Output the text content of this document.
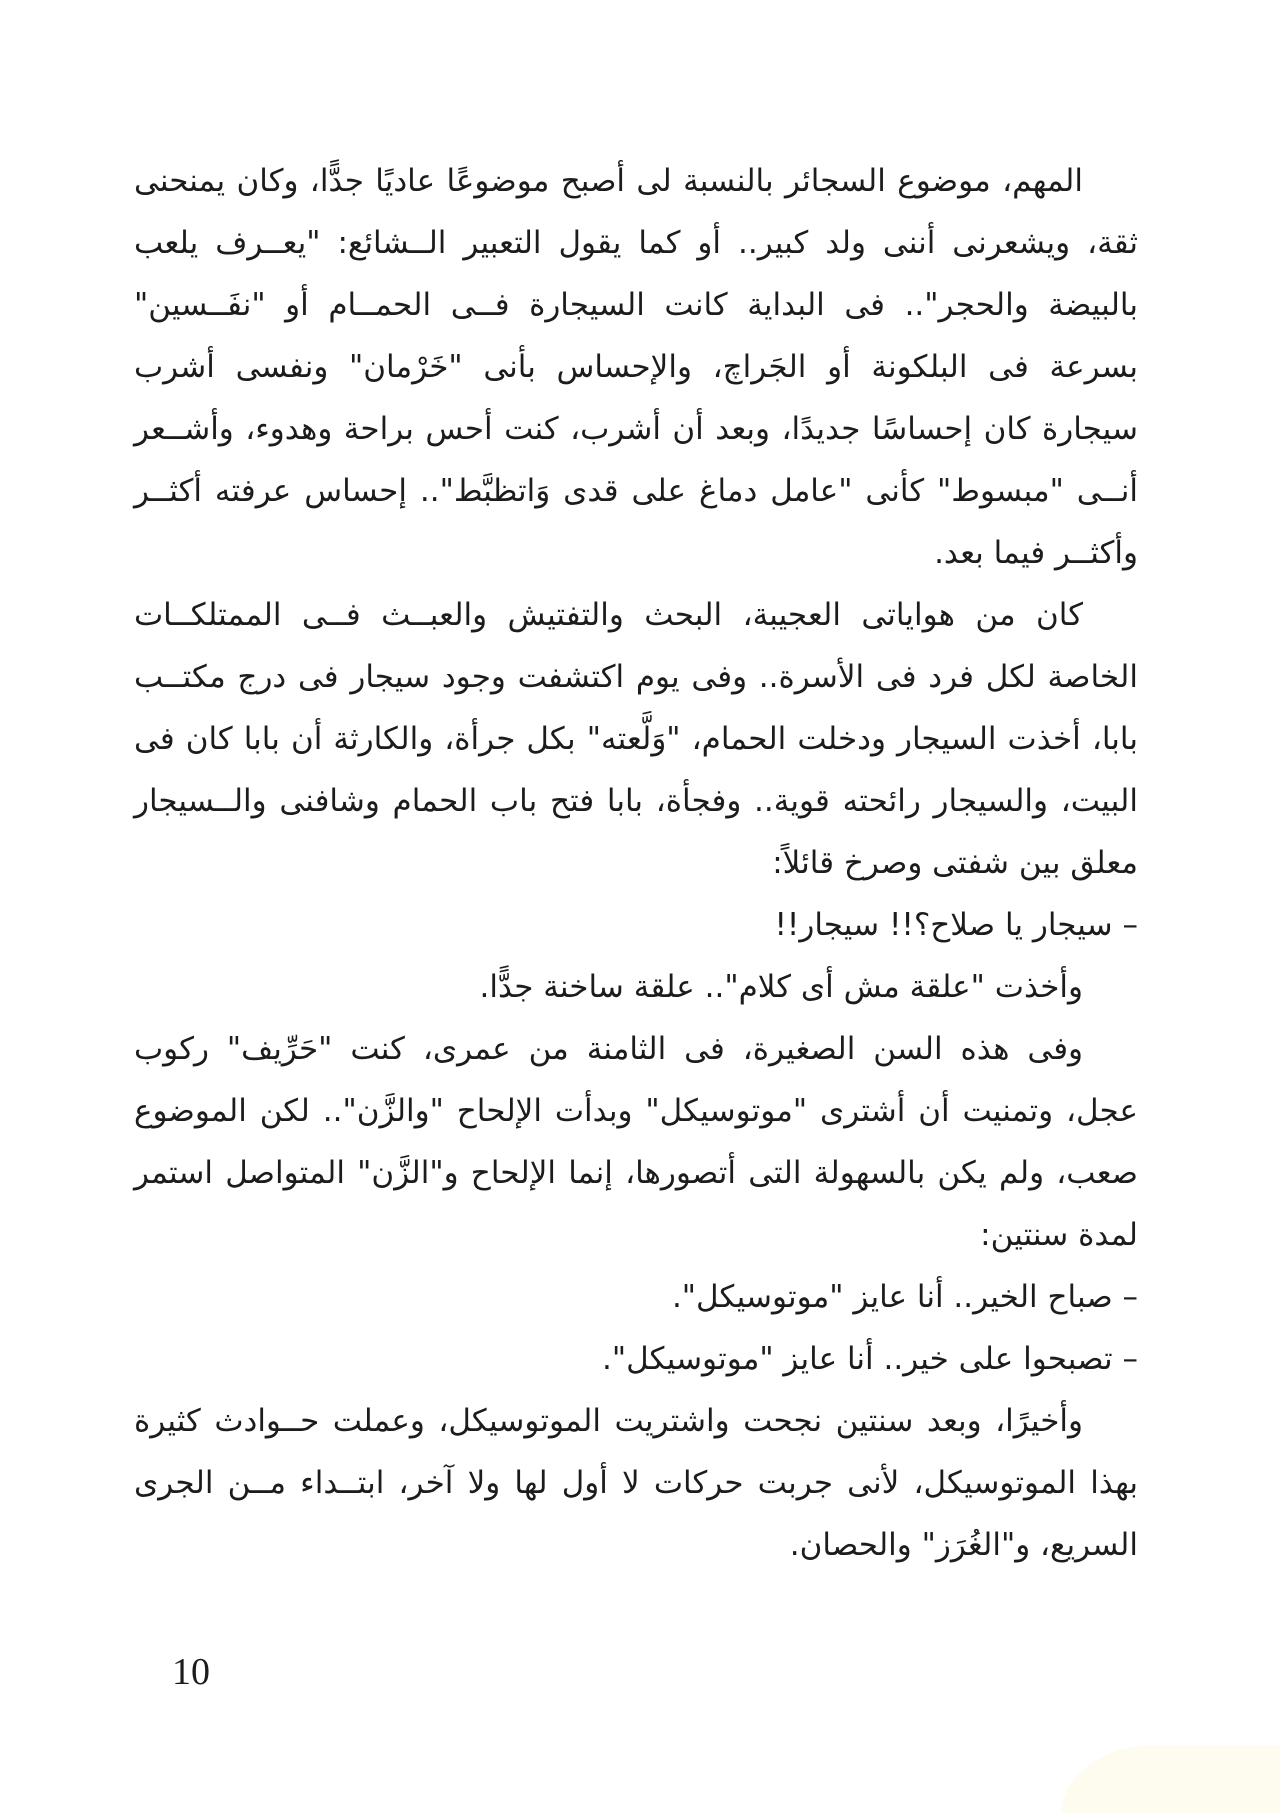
المهم، موضوع السجائر بالنسبة لى أصبح موضوعًا عاديًا جدًّا، وكان يمنحنى ثقة، ويشعرنى أننى ولد كبير.. أو كما يقول التعبير الــشائع: "يعــرف يلعب بالبيضة والحجر".. فى البداية كانت السيجارة فــى الحمــام أو "نفَــسين" بسرعة فى البلكونة أو الجَراچ، والإحساس بأنى "خَرْمان" ونفسى أشرب سيجارة كان إحساسًا جديدًا، وبعد أن أشرب، كنت أحس براحة وهدوء، وأشــعر أنــى "مبسوط" كأنى "عامل دماغ على قدى وَاتظبَّط".. إحساس عرفته أكثــر وأكثــر فيما بعد.

كان من هواياتى العجيبة، البحث والتفتيش والعبــث فــى الممتلكــات الخاصة لكل فرد فى الأسرة.. وفى يوم اكتشفت وجود سيجار فى درج مكتــب بابا، أخذت السيجار ودخلت الحمام، "وَلَّعته" بكل جرأة، والكارثة أن بابا كان فى البيت، والسيجار رائحته قوية.. وفجأة، بابا فتح باب الحمام وشافنى والــسيجار معلق بين شفتى وصرخ قائلاً:

– سيجار يا صلاح؟!! سيجار!!

وأخذت "علقة مش أى كلام".. علقة ساخنة جدًّا.

وفى هذه السن الصغيرة، فى الثامنة من عمرى، كنت "حَرِّيف" ركوب عجل، وتمنيت أن أشترى "موتوسيكل" وبدأت الإلحاح "والزَّن".. لكن الموضوع صعب، ولم يكن بالسهولة التى أتصورها، إنما الإلحاح و"الزَّن" المتواصل استمر لمدة سنتين:

– صباح الخير.. أنا عايز "موتوسيكل".

– تصبحوا على خير.. أنا عايز "موتوسيكل".

وأخيرًا، وبعد سنتين نجحت واشتريت الموتوسيكل، وعملت حــوادث كثيرة بهذا الموتوسيكل، لأنى جربت حركات لا أول لها ولا آخر، ابتــداء مــن الجرى السريع، و"الغُرَز" والحصان.

10
